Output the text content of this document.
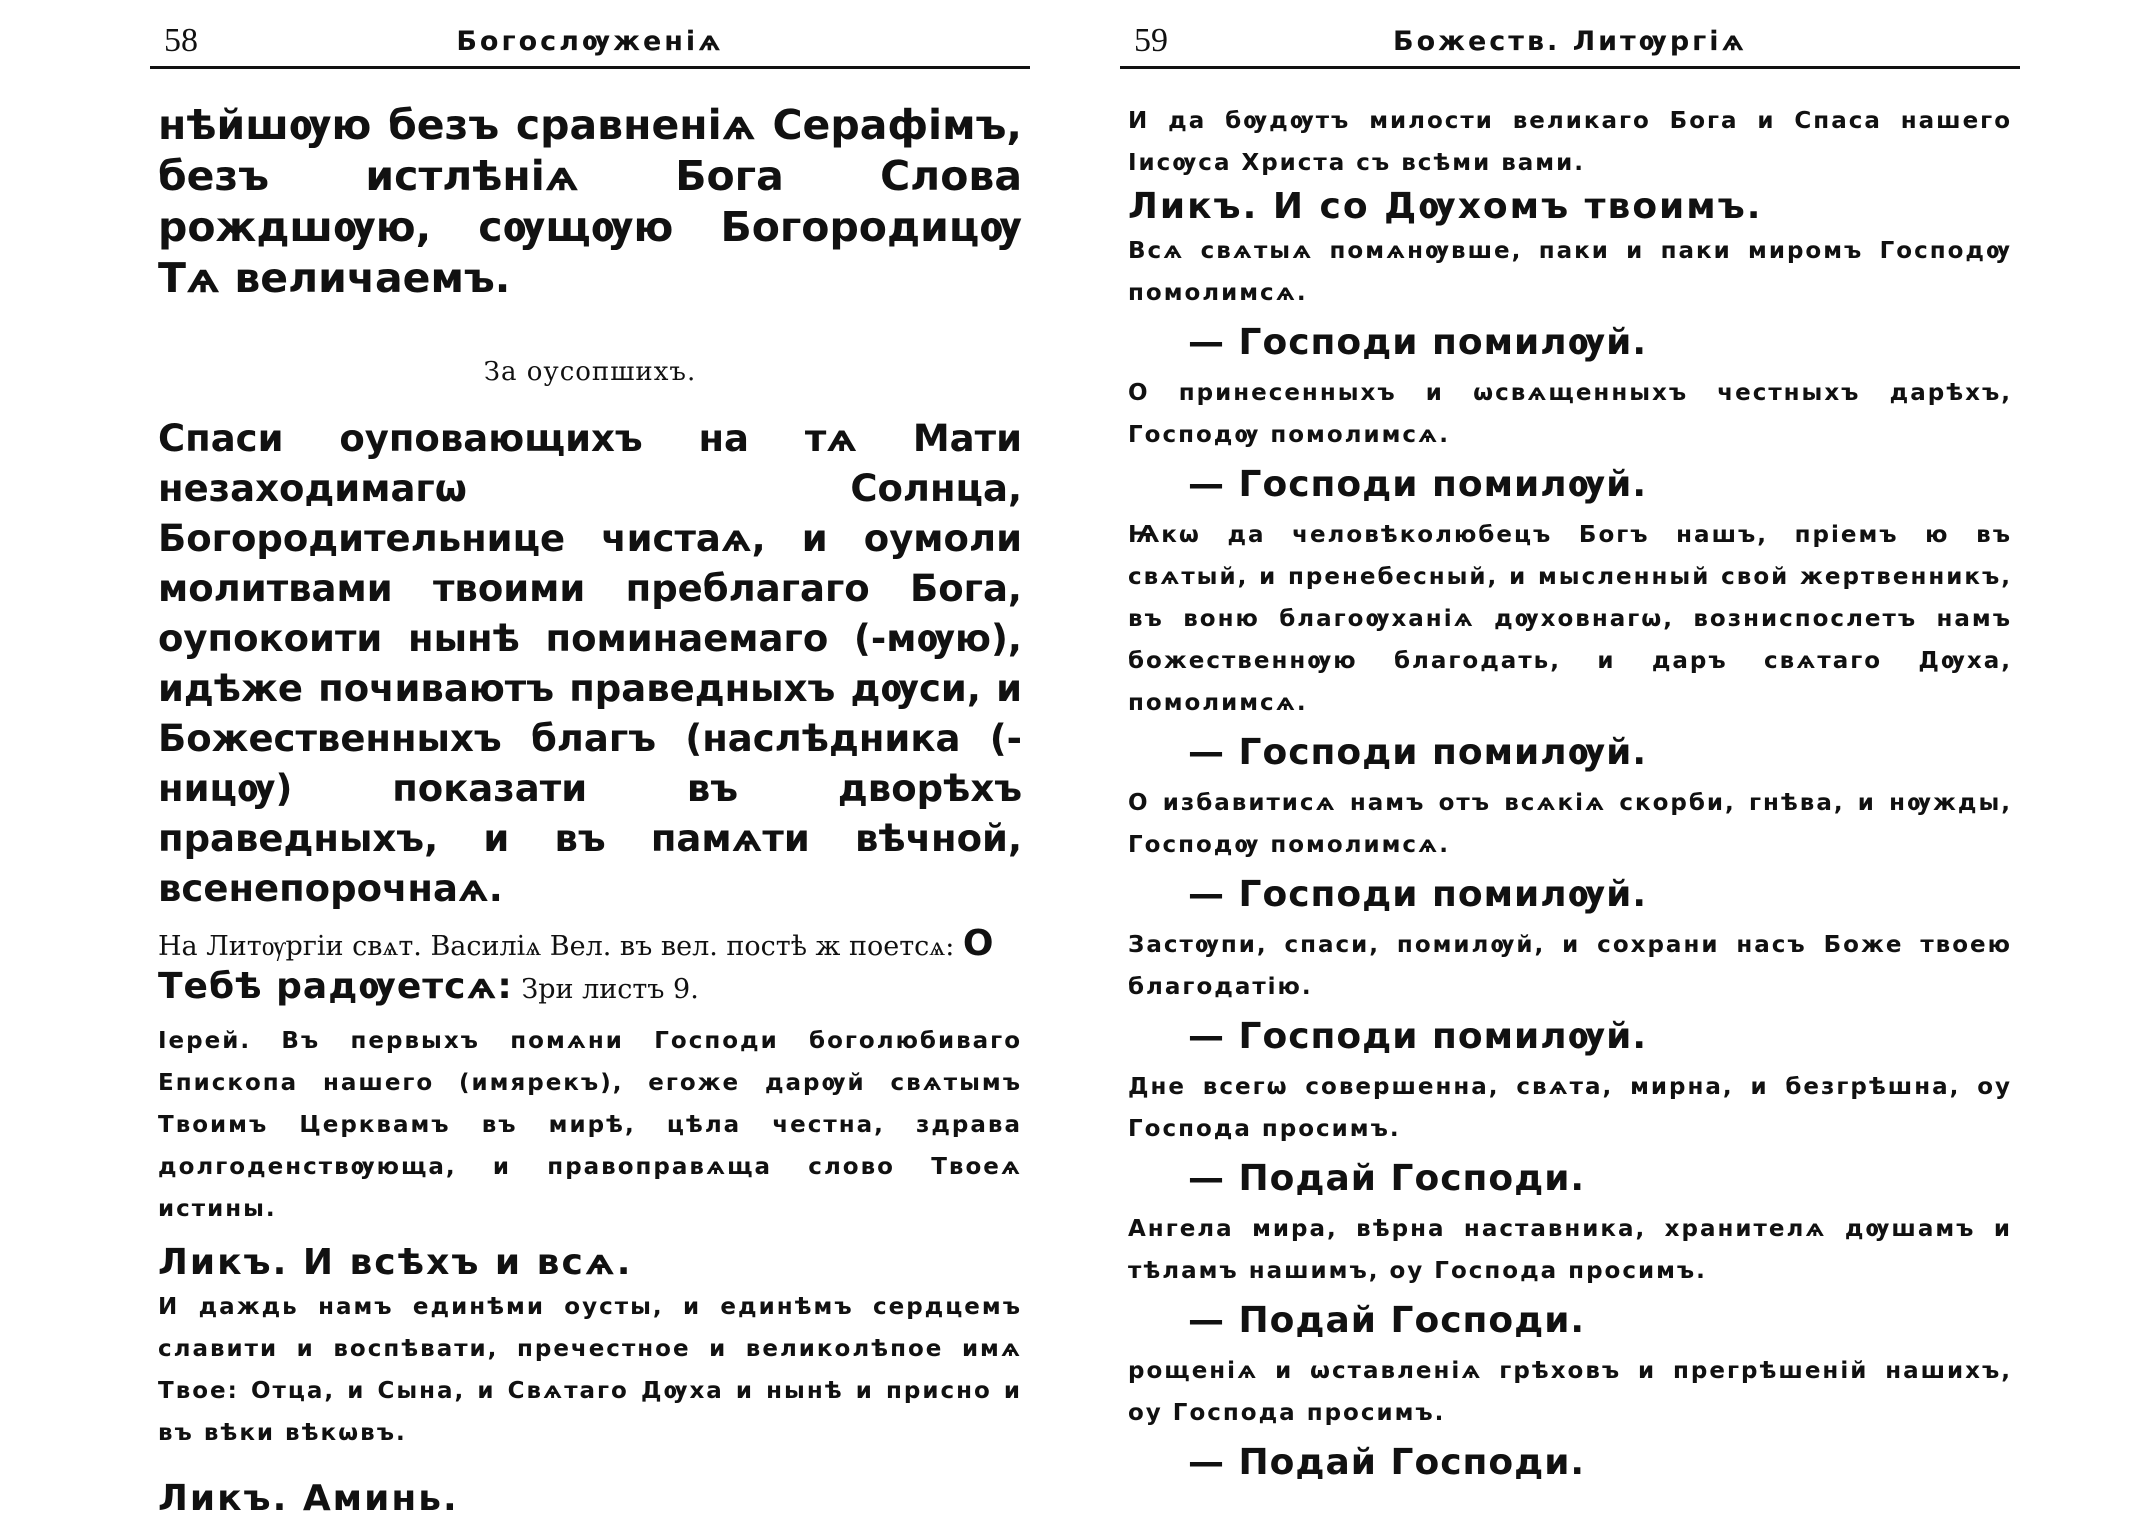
58	Богослѹженіѧ

нѣйшѹю безъ сравненіѧ Серафімъ, безъ истлѣніѧ Бога Слова рождшѹю, сѹщѹю Богородицѹ Тѧ величаемъ.

За оусопшихъ.

Спаси оуповающихъ на тѧ Мати незаходимагѡ Солнца, Богородительнице чистаѧ, и оумоли молитвами твоими преблагаго Бога, оупокоити нынѣ поминаемаго (-мѹю), идѣже почиваютъ праведныхъ дѹси, и Божественныхъ благъ (наслѣдника (-ницѹ) показати въ дворѣхъ праведныхъ, и въ памѧти вѣчной, всенепорочнаѧ.

На Литѹргіи свѧт. Василіѧ Вел. въ вел. постѣ ж поетсѧ: О Тебѣ радѹетсѧ: Зри листъ 9.

Іерей. Въ первыхъ помѧни Господи боголюбиваго Епископа нашего (имярекъ), егоже дарѹй свѧтымъ Твоимъ Церквамъ въ мирѣ, цѣла честна, здрава долгоденствѹюща, и правоправѧща слово Твоеѧ истины.

Ликъ. И всѣхъ и всѧ.

И даждь намъ единѣми оусты, и единѣмъ сердцемъ славити и воспѣвати, пречестное и великолѣпое имѧ Твое: Отца, и Сына, и Свѧтаго Дѹха и нынѣ и присно и въ вѣки вѣкѡвъ.

Ликъ. Аминь.

59	Божеств. Литѹргіѧ

И да бѹдѹтъ милости великаго Бога и Спаса нашего Іисѹса Христа съ всѣми вами.

Ликъ. И со Дѹхомъ твоимъ.

Всѧ свѧтыѧ помѧнѹвше, паки и паки миромъ Господѹ помолимсѧ.

— Господи помилѹй.

О принесенныхъ и ѡсвѧщенныхъ честныхъ дарѣхъ, Господѹ помолимсѧ.

— Господи помилѹй.

Ѩкѡ да человѣколюбецъ Богъ нашъ, пріемъ ю въ свѧтый, и пренебесный, и мысленный свой жертвенникъ, въ воню благоѹханіѧ дѹховнагѡ, возниспослетъ намъ божественнѹю благодать, и даръ свѧтаго Дѹха, помолимсѧ.

— Господи помилѹй.

О избавитисѧ намъ отъ всѧкіѧ скорби, гнѣва, и нѹжды, Господѹ помолимсѧ.

— Господи помилѹй.

Застѹпи, спаси, помилѹй, и сохрани насъ Боже твоею благодатію.

— Господи помилѹй.

Дне всегѡ совершенна, свѧта, мирна, и безгрѣшна, оу Господа просимъ.

— Подай Господи.

Ангела мира, вѣрна наставника, хранителѧ дѹшамъ и тѣламъ нашимъ, оу Господа просимъ.

— Подай Господи.

рощеніѧ и ѡставленіѧ грѣховъ и прегрѣшеній нашихъ, оу Господа просимъ.

— Подай Господи.
